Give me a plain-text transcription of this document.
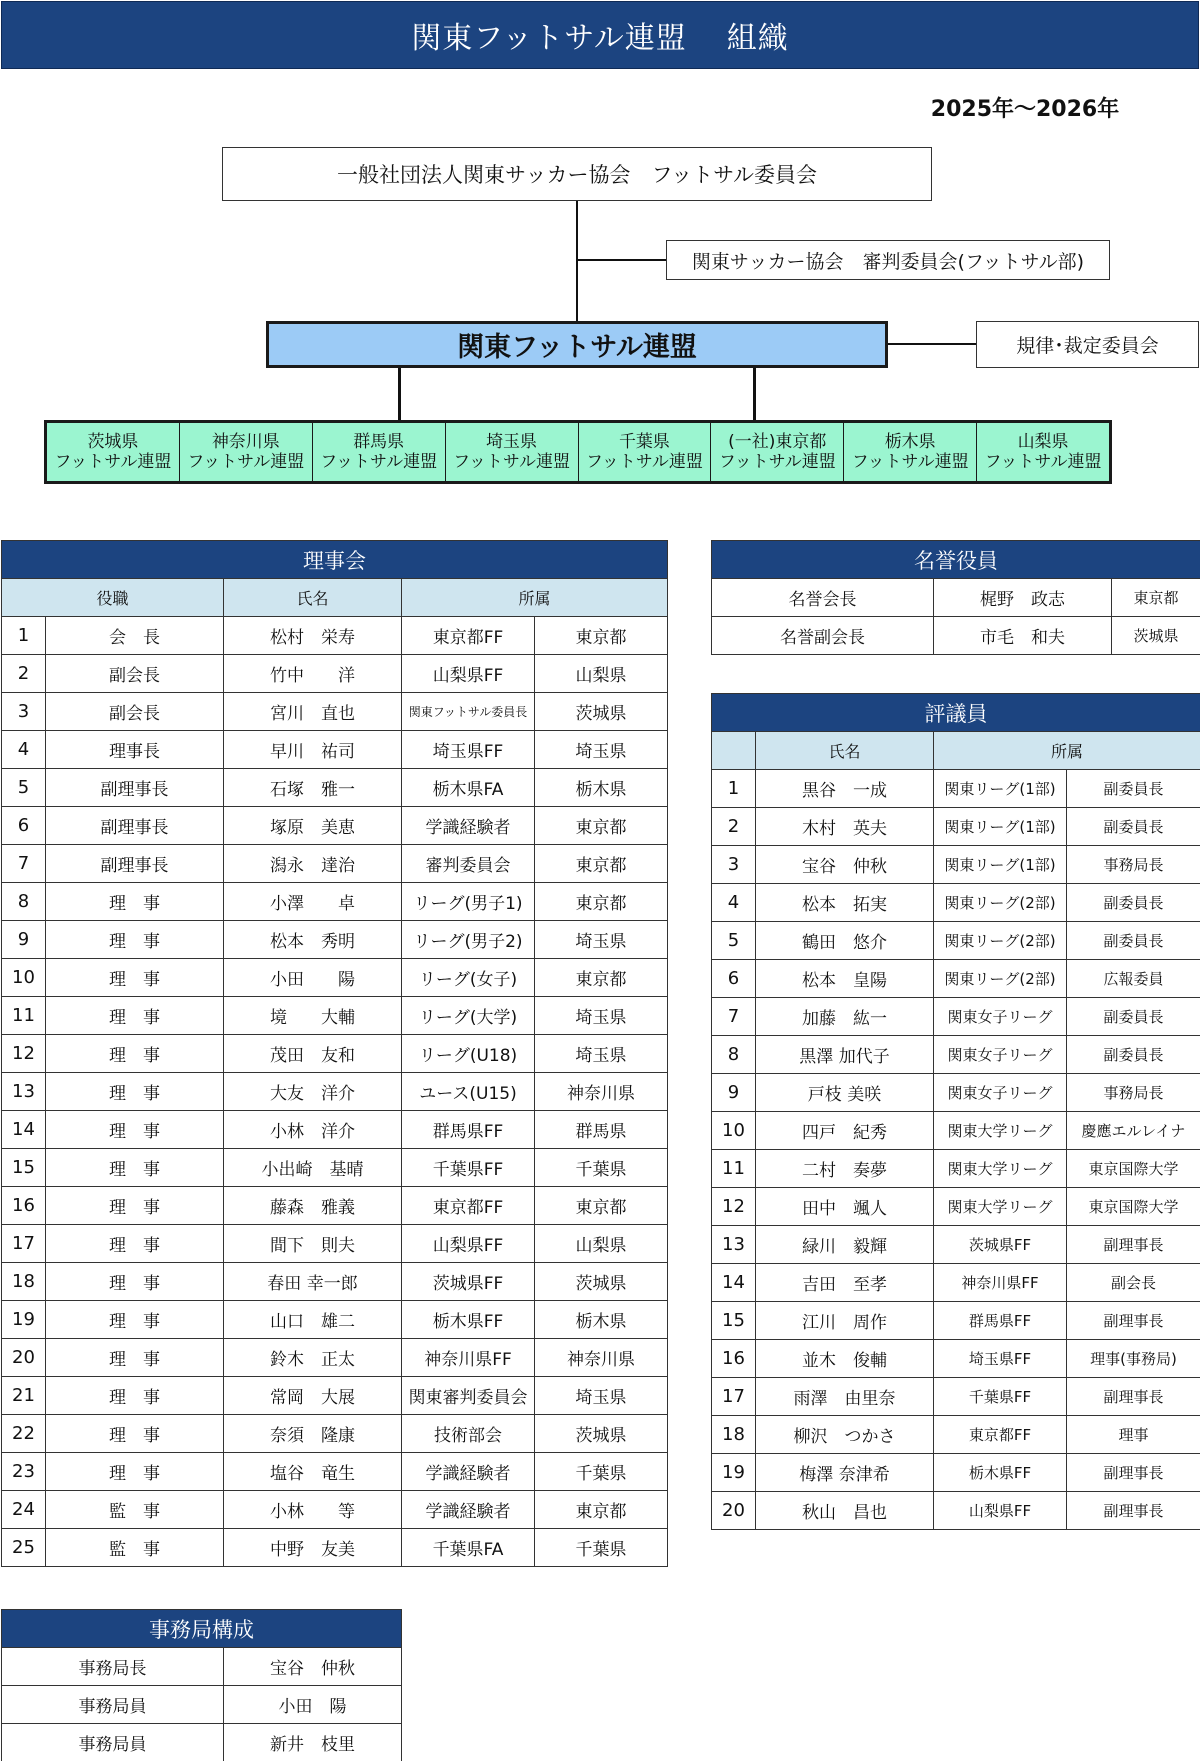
関東フットサル連盟 組織
2025年～2026年
一般社団法人関東サッカー協会　フットサル委員会
関東サッカー協会　審判委員会(フットサル部)
関東フットサル連盟	規律･裁定委員会
茨城県
フットサル連盟
神奈川県
フットサル連盟
群馬県
フットサル連盟
埼玉県
フットサル連盟
千葉県
フットサル連盟
(一社)東京都
フットサル連盟
栃木県
フットサル連盟
山梨県
フットサル連盟
理事会				
役職		氏名	所属	
1	会　長	松村　栄寿	東京都FF	東京都
2	副会長	竹中　　洋	山梨県FF	山梨県
3	副会長	宮川　直也	関東フットサル委員長	茨城県
4	理事長	早川　祐司	埼玉県FF	埼玉県
5	副理事長	石塚　雅一	栃木県FA	栃木県
6	副理事長	塚原　美恵	学識経験者	東京都
7	副理事長	潟永　達治	審判委員会	東京都
8	理　事	小澤　　卓	リーグ(男子1)	東京都
9	理　事	松本　秀明	リーグ(男子2)	埼玉県
10	理　事	小田　　陽	リーグ(女子)	東京都
11	理　事	境　　大輔	リーグ(大学)	埼玉県
12	理　事	茂田　友和	リーグ(U18)	埼玉県
13	理　事	大友　洋介	ユース(U15)	神奈川県
14	理　事	小林　洋介	群馬県FF	群馬県
15	理　事	小出崎　基晴	千葉県FF	千葉県
16	理　事	藤森　雅義	東京都FF	東京都
17	理　事	間下　則夫	山梨県FF	山梨県
18	理　事	春田 幸一郎	茨城県FF	茨城県
19	理　事	山口　雄二	栃木県FF	栃木県
20	理　事	鈴木　正太	神奈川県FF	神奈川県
21	理　事	常岡　大展	関東審判委員会	埼玉県
22	理　事	奈須　隆康	技術部会	茨城県
23	理　事	塩谷　竜生	学識経験者	千葉県
24	監　事	小林　　等	学識経験者	東京都
25	監　事	中野　友美	千葉県FA	千葉県
名誉役員		
名誉会長	梶野　政志	東京都
名誉副会長	市毛　和夫	茨城県
評議員			
	氏名	所属	
1	黒谷　一成	関東リーグ(1部)	副委員長
2	木村　英夫	関東リーグ(1部)	副委員長
3	宝谷　仲秋	関東リーグ(1部)	事務局長
4	松本　拓実	関東リーグ(2部)	副委員長
5	鶴田　悠介	関東リーグ(2部)	副委員長
6	松本　皇陽	関東リーグ(2部)	広報委員
7	加藤　紘一	関東女子リーグ	副委員長
8	黒澤 加代子	関東女子リーグ	副委員長
9	戸枝 美咲	関東女子リーグ	事務局長
10	四戸　紀秀	関東大学リーグ	慶應エルレイナ
11	二村　奏夢	関東大学リーグ	東京国際大学
12	田中　颯人	関東大学リーグ	東京国際大学
13	緑川　毅輝	茨城県FF	副理事長
14	吉田　至孝	神奈川県FF	副会長
15	江川　周作	群馬県FF	副理事長
16	並木　俊輔	埼玉県FF	理事(事務局)
17	雨澤　由里奈	千葉県FF	副理事長
18	柳沢　つかさ	東京都FF	理事
19	梅澤 奈津希	栃木県FF	副理事長
20	秋山　昌也	山梨県FF	副理事長
事務局構成	
事務局長	宝谷　仲秋
事務局員	小田　陽
事務局員	新井　枝里
